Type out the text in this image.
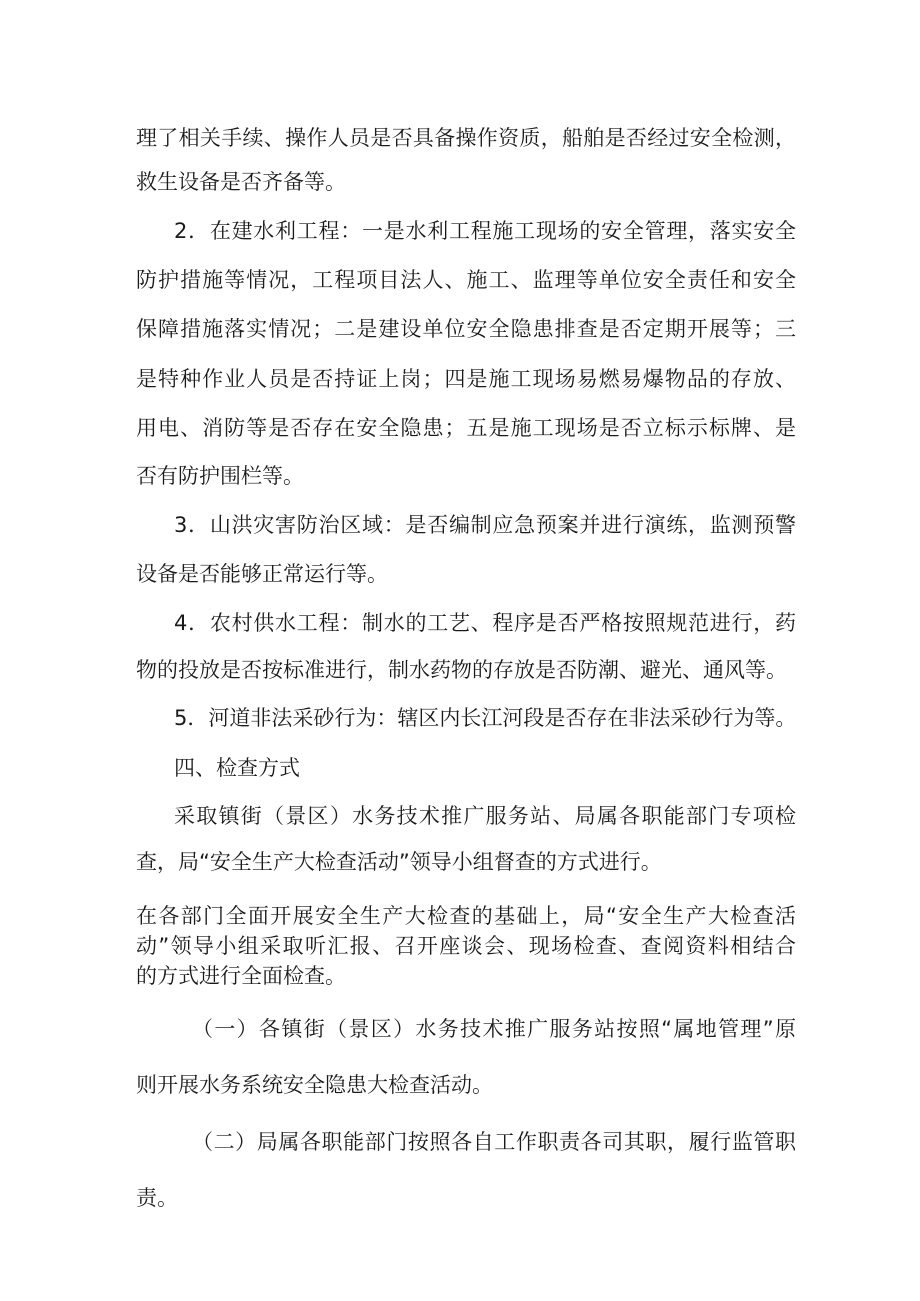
理了相关手续、操作人员是否具备操作资质，船舶是否经过安全检测，
救生设备是否齐备等。
2．在建水利工程：一是水利工程施工现场的安全管理，落实安全
防护措施等情况，工程项目法人、施工、监理等单位安全责任和安全
保障措施落实情况；二是建设单位安全隐患排查是否定期开展等；三
是特种作业人员是否持证上岗；四是施工现场易燃易爆物品的存放、
用电、消防等是否存在安全隐患；五是施工现场是否立标示标牌、是
否有防护围栏等。
3．山洪灾害防治区域：是否编制应急预案并进行演练，监测预警
设备是否能够正常运行等。
4．农村供水工程：制水的工艺、程序是否严格按照规范进行，药
物的投放是否按标准进行，制水药物的存放是否防潮、避光、通风等。
5．河道非法采砂行为：辖区内长江河段是否存在非法采砂行为等。
四、检查方式
采取镇街（景区）水务技术推广服务站、局属各职能部门专项检
查，局“安全生产大检查活动”领导小组督查的方式进行。
在各部门全面开展安全生产大检查的基础上，局“安全生产大检查活
动”领导小组采取听汇报、召开座谈会、现场检查、查阅资料相结合
的方式进行全面检查。
（一）各镇街（景区）水务技术推广服务站按照“属地管理”原
则开展水务系统安全隐患大检查活动。
（二）局属各职能部门按照各自工作职责各司其职，履行监管职
责。
